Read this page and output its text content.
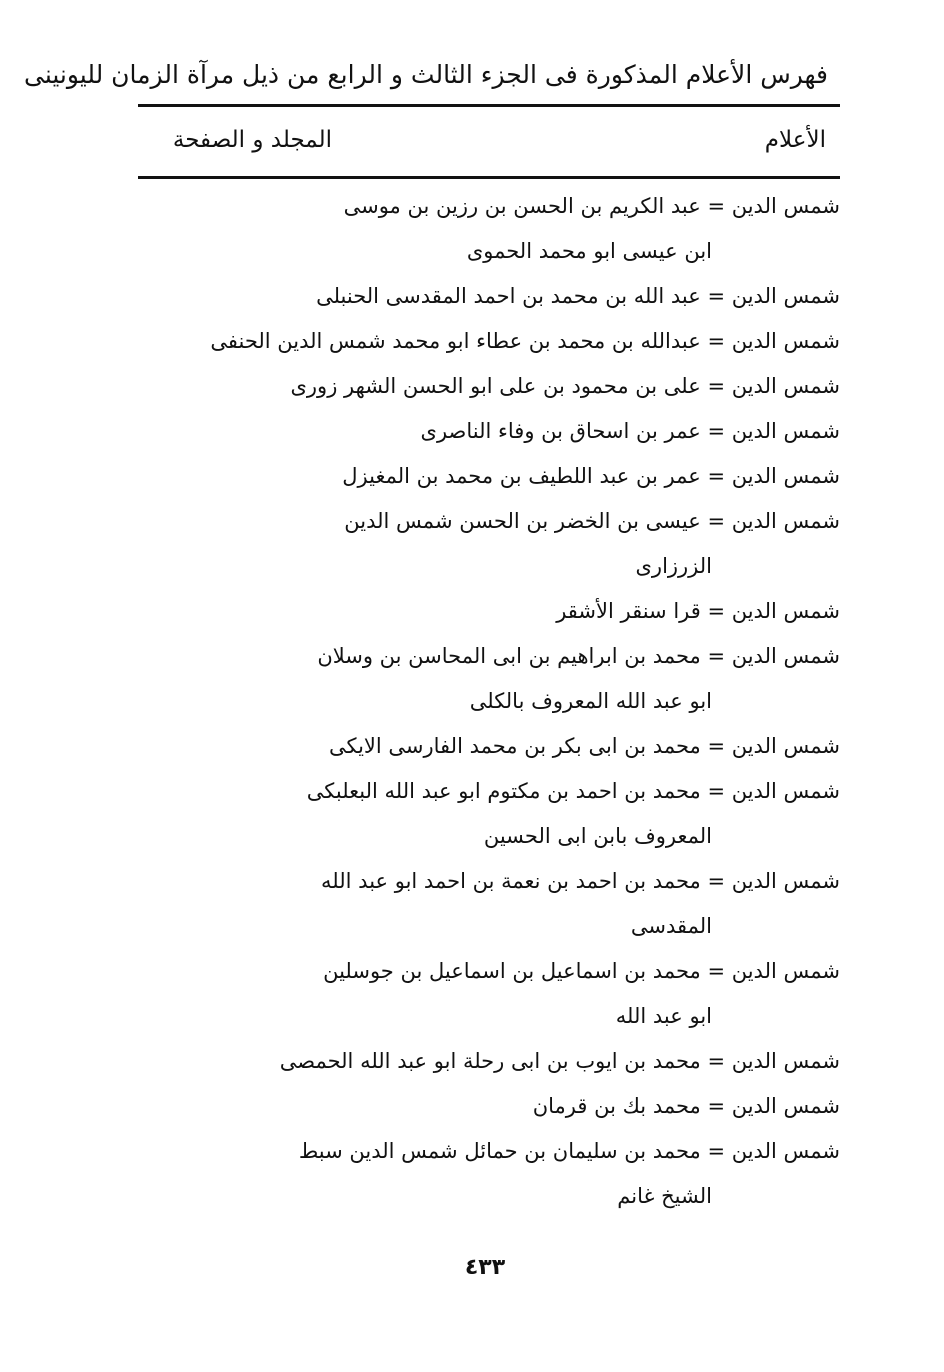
فهرس الأعلام المذكورة فى الجزء الثالث و الرابع من ذيل مرآة الزمان لليونينى
الأعلام
المجلد و الصفحة
شمس الدين = عبد الكريم بن الحسن بن رزين بن موسى
ابن عيسى ابو محمد الحموى
شمس الدين = عبد الله بن محمد بن احمد المقدسى الحنبلى
شمس الدين = عبدالله بن محمد بن عطاء ابو محمد شمس الدين الحنفى
شمس الدين = على بن محمود بن على ابو الحسن الشهر زورى
شمس الدين = عمر بن اسحاق بن وفاء الناصرى
شمس الدين = عمر بن عبد اللطيف بن محمد بن المغيزل
شمس الدين = عيسى بن الخضر بن الحسن شمس الدين
الزرزارى
شمس الدين = قرا سنقر الأشقر
شمس الدين = محمد بن ابراهيم بن ابى المحاسن بن وسلان
ابو عبد الله المعروف بالكلى
شمس الدين = محمد بن ابى بكر بن محمد الفارسى الايكى
شمس الدين = محمد بن احمد بن مكتوم ابو عبد الله البعلبكى
المعروف بابن ابى الحسين
شمس الدين = محمد بن احمد بن نعمة بن احمد ابو عبد الله
المقدسى
شمس الدين = محمد بن اسماعيل بن اسماعيل بن جوسلين
ابو عبد الله
شمس الدين = محمد بن ايوب بن ابى رحلة ابو عبد الله الحمصى
شمس الدين = محمد بك بن قرمان
شمس الدين = محمد بن سليمان بن حمائل شمس الدين سبط
الشيخ غانم
٤٣٣
